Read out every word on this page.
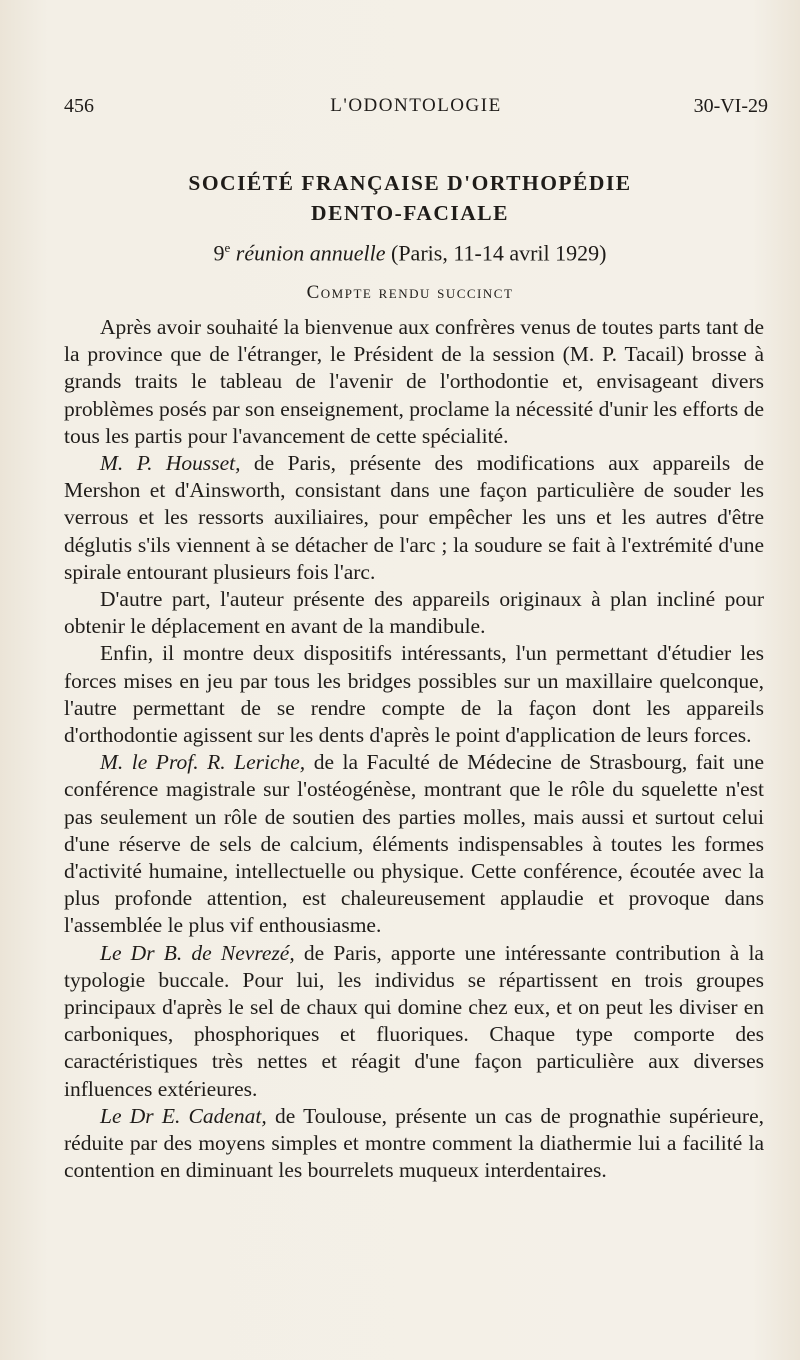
456	L'ODONTOLOGIE	30-VI-29
SOCIÉTÉ FRANÇAISE D'ORTHOPÉDIE
DENTO-FACIALE
9e réunion annuelle (Paris, 11-14 avril 1929)
Compte rendu succinct

Après avoir souhaité la bienvenue aux confrères venus de toutes parts tant de la province que de l'étranger, le Président de la session (M. P. Tacail) brosse à grands traits le tableau de l'avenir de l'orthodontie et, envisageant divers problèmes posés par son enseignement, proclame la nécessité d'unir les efforts de tous les partis pour l'avancement de cette spécialité.

M. P. Housset, de Paris, présente des modifications aux appareils de Mershon et d'Ainsworth, consistant dans une façon particulière de souder les verrous et les ressorts auxiliaires, pour empêcher les uns et les autres d'être déglutis s'ils viennent à se détacher de l'arc ; la soudure se fait à l'extrémité d'une spirale entourant plusieurs fois l'arc.

D'autre part, l'auteur présente des appareils originaux à plan incliné pour obtenir le déplacement en avant de la mandibule.

Enfin, il montre deux dispositifs intéressants, l'un permettant d'étudier les forces mises en jeu par tous les bridges possibles sur un maxillaire quelconque, l'autre permettant de se rendre compte de la façon dont les appareils d'orthodontie agissent sur les dents d'après le point d'application de leurs forces.

M. le Prof. R. Leriche, de la Faculté de Médecine de Strasbourg, fait une conférence magistrale sur l'ostéogénèse, montrant que le rôle du squelette n'est pas seulement un rôle de soutien des parties molles, mais aussi et surtout celui d'une réserve de sels de calcium, éléments indispensables à toutes les formes d'activité humaine, intellectuelle ou physique. Cette conférence, écoutée avec la plus profonde attention, est chaleureusement applaudie et provoque dans l'assemblée le plus vif enthousiasme.

Le Dr B. de Nevrezé, de Paris, apporte une intéressante contribution à la typologie buccale. Pour lui, les individus se répartissent en trois groupes principaux d'après le sel de chaux qui domine chez eux, et on peut les diviser en carboniques, phosphoriques et fluoriques. Chaque type comporte des caractéristiques très nettes et réagit d'une façon particulière aux diverses influences extérieures.

Le Dr E. Cadenat, de Toulouse, présente un cas de prognathie supérieure, réduite par des moyens simples et montre comment la diathermie lui a facilité la contention en diminuant les bourrelets muqueux interdentaires.
